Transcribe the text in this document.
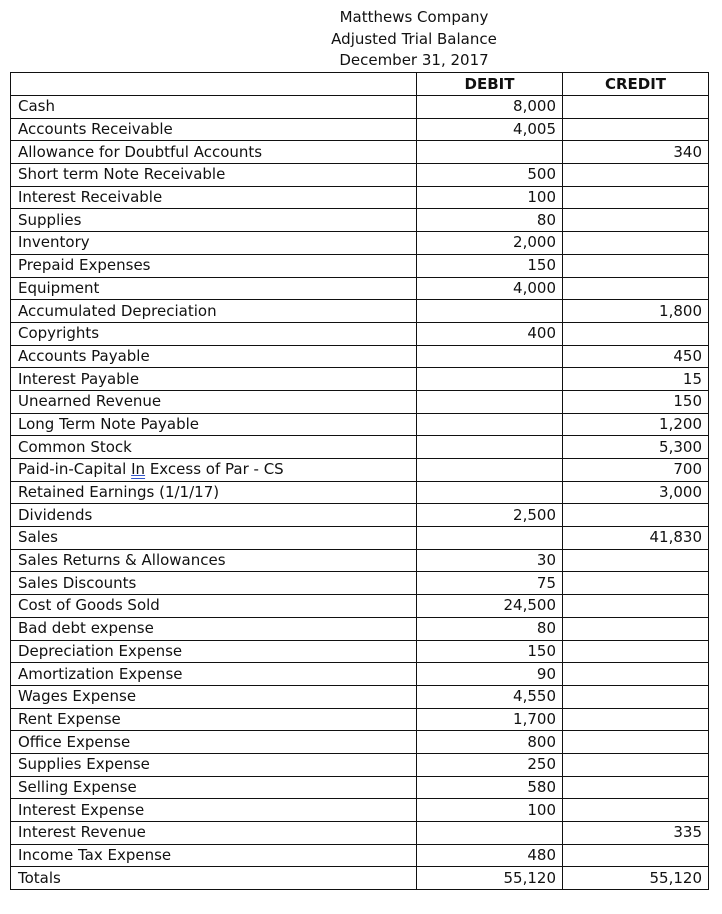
Matthews Company
Adjusted Trial Balance
December 31, 2017
	DEBIT	CREDIT
Cash	8,000	
Accounts Receivable	4,005	
Allowance for Doubtful Accounts		340
Short term Note Receivable	500	
Interest Receivable	100	
Supplies	80	
Inventory	2,000	
Prepaid Expenses	150	
Equipment	4,000	
Accumulated Depreciation		1,800
Copyrights	400	
Accounts Payable		450
Interest Payable		15
Unearned Revenue		150
Long Term Note Payable		1,200
Common Stock		5,300
Paid-in-Capital In Excess of Par - CS		700
Retained Earnings (1/1/17)		3,000
Dividends	2,500	
Sales		41,830
Sales Returns & Allowances	30	
Sales Discounts	75	
Cost of Goods Sold	24,500	
Bad debt expense	80	
Depreciation Expense	150	
Amortization Expense	90	
Wages Expense	4,550	
Rent Expense	1,700	
Office Expense	800	
Supplies Expense	250	
Selling Expense	580	
Interest Expense	100	
Interest Revenue		335
Income Tax Expense	480	
Totals	55,120	55,120
